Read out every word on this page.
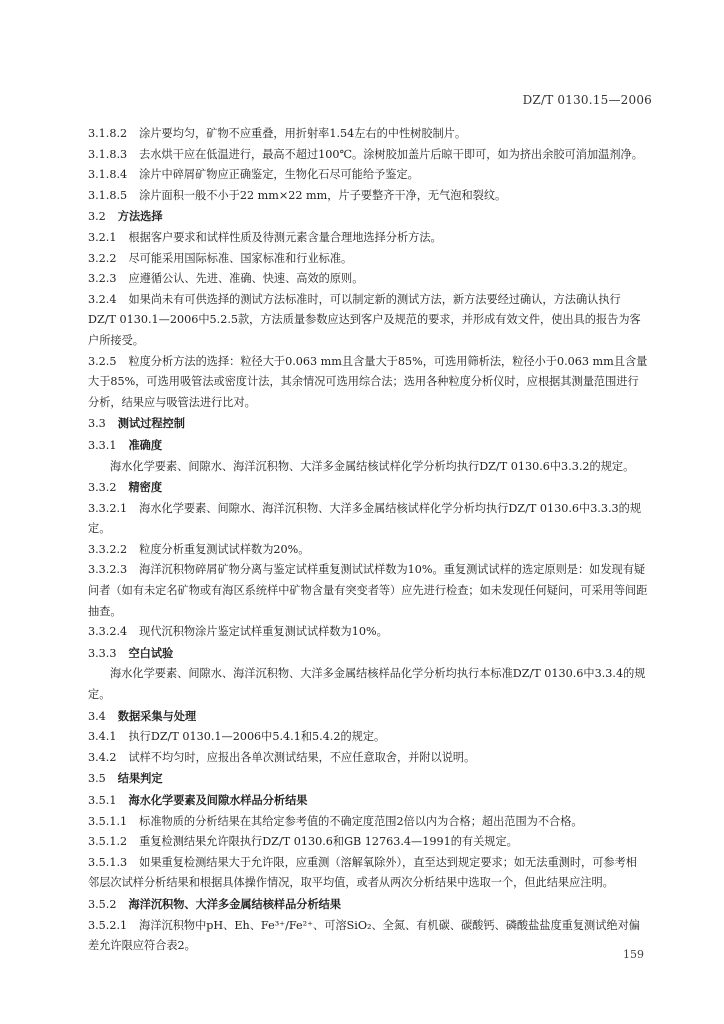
DZ/T 0130.15—2006

3.1.8.2 涂片要均匀，矿物不应重叠，用折射率1.54左右的中性树胶制片。

3.1.8.3 去水烘干应在低温进行，最高不超过100℃。涂树胶加盖片后晾干即可，如为挤出余胶可消加温剂净。

3.1.8.4 涂片中碎屑矿物应正确鉴定，生物化石尽可能给予鉴定。

3.1.8.5 涂片面积一般不小于22 mm×22 mm，片子要整齐干净，无气泡和裂纹。

3.2 方法选择

3.2.1 根据客户要求和试样性质及待测元素含量合理地选择分析方法。

3.2.2 尽可能采用国际标准、国家标准和行业标准。

3.2.3 应遵循公认、先进、准确、快速、高效的原则。

3.2.4 如果尚未有可供选择的测试方法标准时，可以制定新的测试方法，新方法要经过确认，方法确认执行DZ/T 0130.1—2006中5.2.5款，方法质量参数应达到客户及规范的要求，并形成有效文件，使出具的报告为客户所接受。

3.2.5 粒度分析方法的选择：粒径大于0.063 mm且含量大于85%，可选用筛析法，粒径小于0.063 mm且含量大于85%，可选用吸管法或密度计法，其余情况可选用综合法；选用各种粒度分析仪时，应根据其测量范围进行分析，结果应与吸管法进行比对。

3.3 测试过程控制

3.3.1 准确度

海水化学要素、间隙水、海洋沉积物、大洋多金属结核试样化学分析均执行DZ/T 0130.6中3.3.2的规定。

3.3.2 精密度

3.3.2.1 海水化学要素、间隙水、海洋沉积物、大洋多金属结核试样化学分析均执行DZ/T 0130.6中3.3.3的规定。

3.3.2.2 粒度分析重复测试试样数为20%。

3.3.2.3 海洋沉积物碎屑矿物分离与鉴定试样重复测试试样数为10%。重复测试试样的选定原则是：如发现有疑问者（如有未定名矿物或有海区系统样中矿物含量有突变者等）应先进行检查；如未发现任何疑问，可采用等间距抽查。

3.3.2.4 现代沉积物涂片鉴定试样重复测试试样数为10%。

3.3.3 空白试验

海水化学要素、间隙水、海洋沉积物、大洋多金属结核样品化学分析均执行本标准DZ/T 0130.6中3.3.4的规定。

3.4 数据采集与处理

3.4.1 执行DZ/T 0130.1—2006中5.4.1和5.4.2的规定。

3.4.2 试样不均匀时，应报出各单次测试结果，不应任意取舍，并附以说明。

3.5 结果判定

3.5.1 海水化学要素及间隙水样品分析结果

3.5.1.1 标准物质的分析结果在其给定参考值的不确定度范围2倍以内为合格；超出范围为不合格。

3.5.1.2 重复检测结果允许限执行DZ/T 0130.6和GB 12763.4—1991的有关规定。

3.5.1.3 如果重复检测结果大于允许限，应重测（溶解氧除外），直至达到规定要求；如无法重测时，可参考相邻层次试样分析结果和根据具体操作情况，取平均值，或者从两次分析结果中选取一个，但此结果应注明。

3.5.2 海洋沉积物、大洋多金属结核样品分析结果

3.5.2.1 海洋沉积物中pH、Eh、Fe³⁺/Fe²⁺、可溶SiO₂、全氮、有机碳、碳酸钙、磷酸盐盐度重复测试绝对偏差允许限应符合表2。

159
